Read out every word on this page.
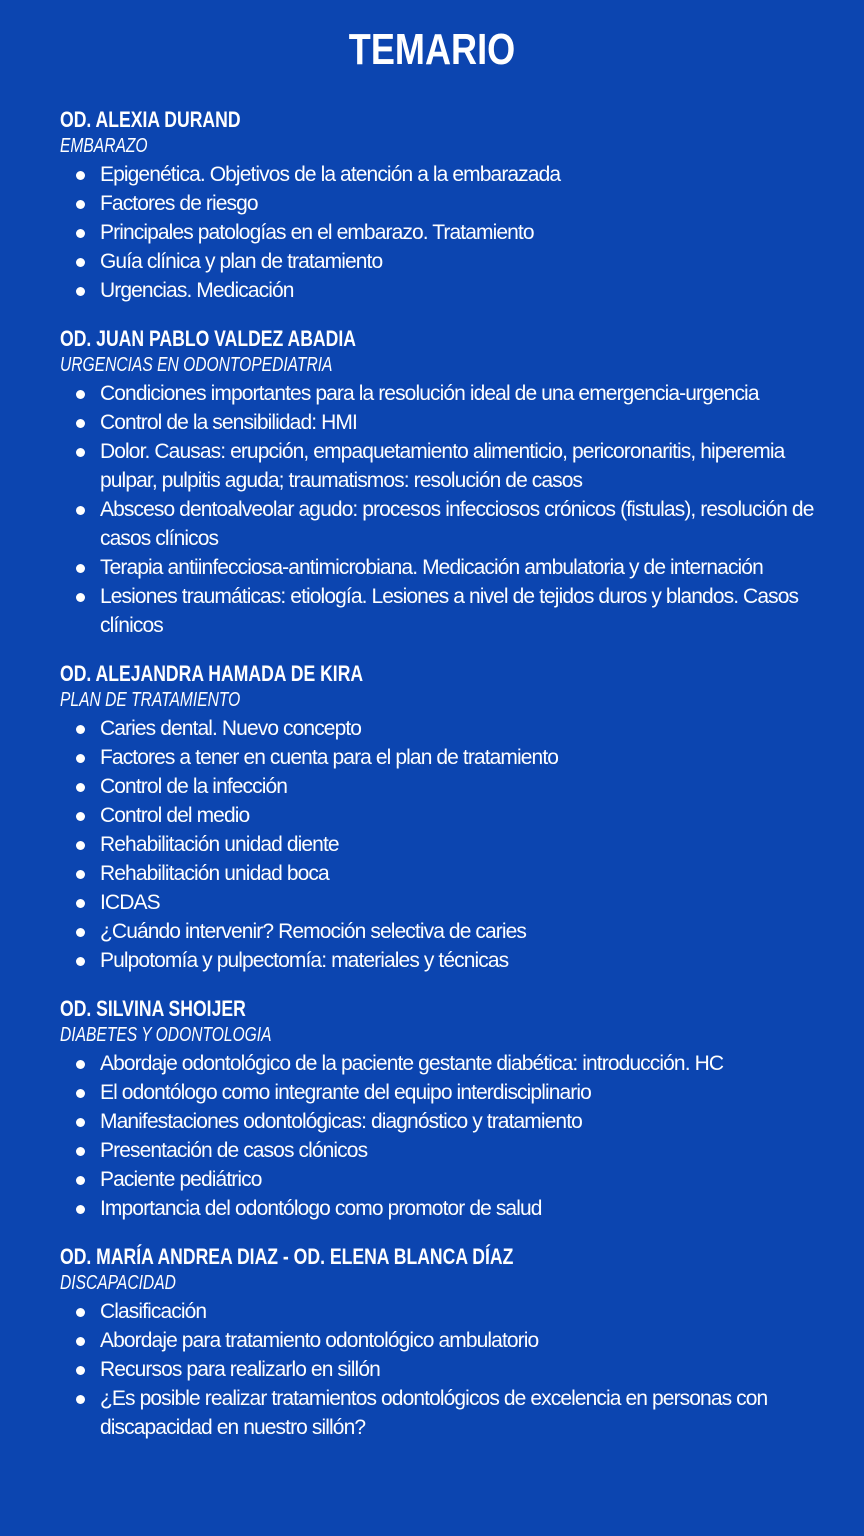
TEMARIO
OD. ALEXIA DURAND
EMBARAZO
Epigenética. Objetivos de la atención a la embarazada
Factores de riesgo
Principales patologías en el embarazo. Tratamiento
Guía clínica y plan de tratamiento
Urgencias. Medicación
OD. JUAN PABLO VALDEZ ABADIA
URGENCIAS EN ODONTOPEDIATRIA
Condiciones importantes para la resolución ideal de una emergencia-urgencia
Control de la sensibilidad: HMI
Dolor. Causas: erupción, empaquetamiento alimenticio, pericoronaritis, hiperemia pulpar, pulpitis aguda; traumatismos: resolución de casos
Absceso dentoalveolar agudo: procesos infecciosos crónicos (fistulas), resolución de casos clínicos
Terapia antiinfecciosa-antimicrobiana. Medicación ambulatoria y de internación
Lesiones traumáticas: etiología. Lesiones a nivel de tejidos duros y blandos. Casos clínicos
OD. ALEJANDRA HAMADA DE KIRA
PLAN DE TRATAMIENTO
Caries dental. Nuevo concepto
Factores a tener en cuenta para el plan de tratamiento
Control de la infección
Control del medio
Rehabilitación unidad diente
Rehabilitación unidad boca
ICDAS
¿Cuándo intervenir? Remoción selectiva de caries
Pulpotomía y pulpectomía: materiales y técnicas
OD. SILVINA SHOIJER
DIABETES Y ODONTOLOGIA
Abordaje odontológico de la paciente gestante diabética: introducción. HC
El odontólogo como integrante del equipo interdisciplinario
Manifestaciones odontológicas: diagnóstico y tratamiento
Presentación de casos clónicos
Paciente pediátrico
Importancia del odontólogo como promotor de salud
OD. MARÍA ANDREA DIAZ - OD. ELENA BLANCA DÍAZ
DISCAPACIDAD
Clasificación
Abordaje para tratamiento odontológico ambulatorio
Recursos para realizarlo en sillón
¿Es posible realizar tratamientos odontológicos de excelencia en personas con discapacidad en nuestro sillón?
